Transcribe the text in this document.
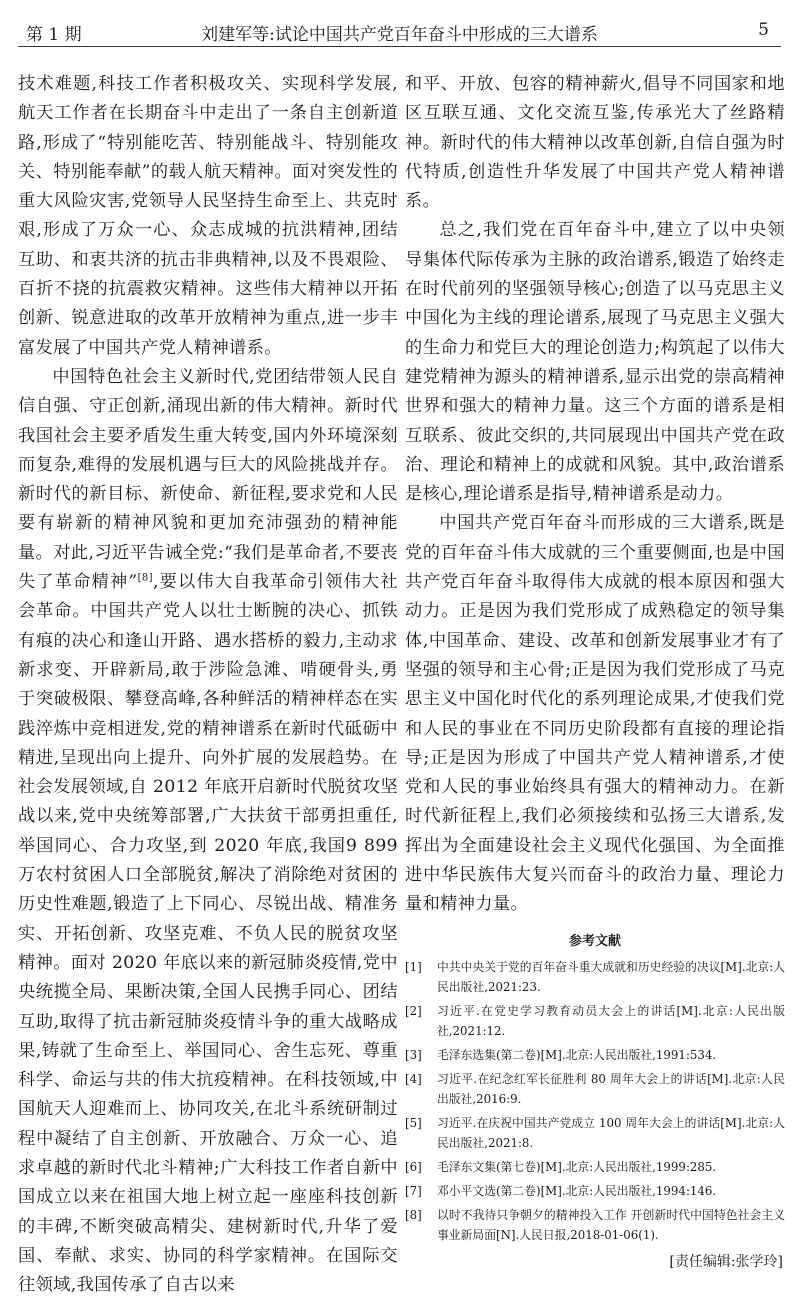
第 1 期	刘建军等:试论中国共产党百年奋斗中形成的三大谱系	5

技术难题,科技工作者积极攻关、实现科学发展,航天工作者在长期奋斗中走出了一条自主创新道路,形成了“特别能吃苦、特别能战斗、特别能攻关、特别能奉献”的载人航天精神。面对突发性的重大风险灾害,党领导人民坚持生命至上、共克时艰,形成了万众一心、众志成城的抗洪精神,团结互助、和衷共济的抗击非典精神,以及不畏艰险、百折不挠的抗震救灾精神。这些伟大精神以开拓创新、锐意进取的改革开放精神为重点,进一步丰富发展了中国共产党人精神谱系。

中国特色社会主义新时代,党团结带领人民自信自强、守正创新,涌现出新的伟大精神。新时代我国社会主要矛盾发生重大转变,国内外环境深刻而复杂,难得的发展机遇与巨大的风险挑战并存。新时代的新目标、新使命、新征程,要求党和人民要有崭新的精神风貌和更加充沛强劲的精神能量。对此,习近平告诫全党:“我们是革命者,不要丧失了革命精神”[8],要以伟大自我革命引领伟大社会革命。中国共产党人以壮士断腕的决心、抓铁有痕的决心和逢山开路、遇水搭桥的毅力,主动求新求变、开辟新局,敢于涉险急滩、啃硬骨头,勇于突破极限、攀登高峰,各种鲜活的精神样态在实践淬炼中竞相迸发,党的精神谱系在新时代砥砺中精进,呈现出向上提升、向外扩展的发展趋势。在社会发展领域,自 2012 年底开启新时代脱贫攻坚战以来,党中央统筹部署,广大扶贫干部勇担重任,举国同心、合力攻坚,到 2020 年底,我国9 899万农村贫困人口全部脱贫,解决了消除绝对贫困的历史性难题,锻造了上下同心、尽锐出战、精准务实、开拓创新、攻坚克难、不负人民的脱贫攻坚精神。面对 2020 年底以来的新冠肺炎疫情,党中央统揽全局、果断决策,全国人民携手同心、团结互助,取得了抗击新冠肺炎疫情斗争的重大战略成果,铸就了生命至上、举国同心、舍生忘死、尊重科学、命运与共的伟大抗疫精神。在科技领域,中国航天人迎难而上、协同攻关,在北斗系统研制过程中凝结了自主创新、开放融合、万众一心、追求卓越的新时代北斗精神;广大科技工作者自新中国成立以来在祖国大地上树立起一座座科技创新的丰碑,不断突破高精尖、建树新时代,升华了爱国、奉献、求实、协同的科学家精神。在国际交往领域,我国传承了自古以来

和平、开放、包容的精神薪火,倡导不同国家和地区互联互通、文化交流互鉴,传承光大了丝路精神。新时代的伟大精神以改革创新,自信自强为时代特质,创造性升华发展了中国共产党人精神谱系。

总之,我们党在百年奋斗中,建立了以中央领导集体代际传承为主脉的政治谱系,锻造了始终走在时代前列的坚强领导核心;创造了以马克思主义中国化为主线的理论谱系,展现了马克思主义强大的生命力和党巨大的理论创造力;构筑起了以伟大建党精神为源头的精神谱系,显示出党的崇高精神世界和强大的精神力量。这三个方面的谱系是相互联系、彼此交织的,共同展现出中国共产党在政治、理论和精神上的成就和风貌。其中,政治谱系是核心,理论谱系是指导,精神谱系是动力。

中国共产党百年奋斗而形成的三大谱系,既是党的百年奋斗伟大成就的三个重要侧面,也是中国共产党百年奋斗取得伟大成就的根本原因和强大动力。正是因为我们党形成了成熟稳定的领导集体,中国革命、建设、改革和创新发展事业才有了坚强的领导和主心骨;正是因为我们党形成了马克思主义中国化时代化的系列理论成果,才使我们党和人民的事业在不同历史阶段都有直接的理论指导;正是因为形成了中国共产党人精神谱系,才使党和人民的事业始终具有强大的精神动力。在新时代新征程上,我们必须接续和弘扬三大谱系,发挥出为全面建设社会主义现代化强国、为全面推进中华民族伟大复兴而奋斗的政治力量、理论力量和精神力量。

参考文献
[1]	中共中央关于党的百年奋斗重大成就和历史经验的决议[M].北京:人民出版社,2021:23.
[2]	习近平.在党史学习教育动员大会上的讲话[M].北京:人民出版社,2021:12.
[3]	毛泽东选集(第二卷)[M].北京:人民出版社,1991:534.
[4]	习近平.在纪念红军长征胜利 80 周年大会上的讲话[M].北京:人民出版社,2016:9.
[5]	习近平.在庆祝中国共产党成立 100 周年大会上的讲话[M].北京:人民出版社,2021:8.
[6]	毛泽东文集(第七卷)[M].北京:人民出版社,1999:285.
[7]	邓小平文选(第二卷)[M].北京:人民出版社,1994:146.
[8]	以时不我待只争朝夕的精神投入工作 开创新时代中国特色社会主义事业新局面[N].人民日报,2018-01-06(1).
[责任编辑:张学玲]
